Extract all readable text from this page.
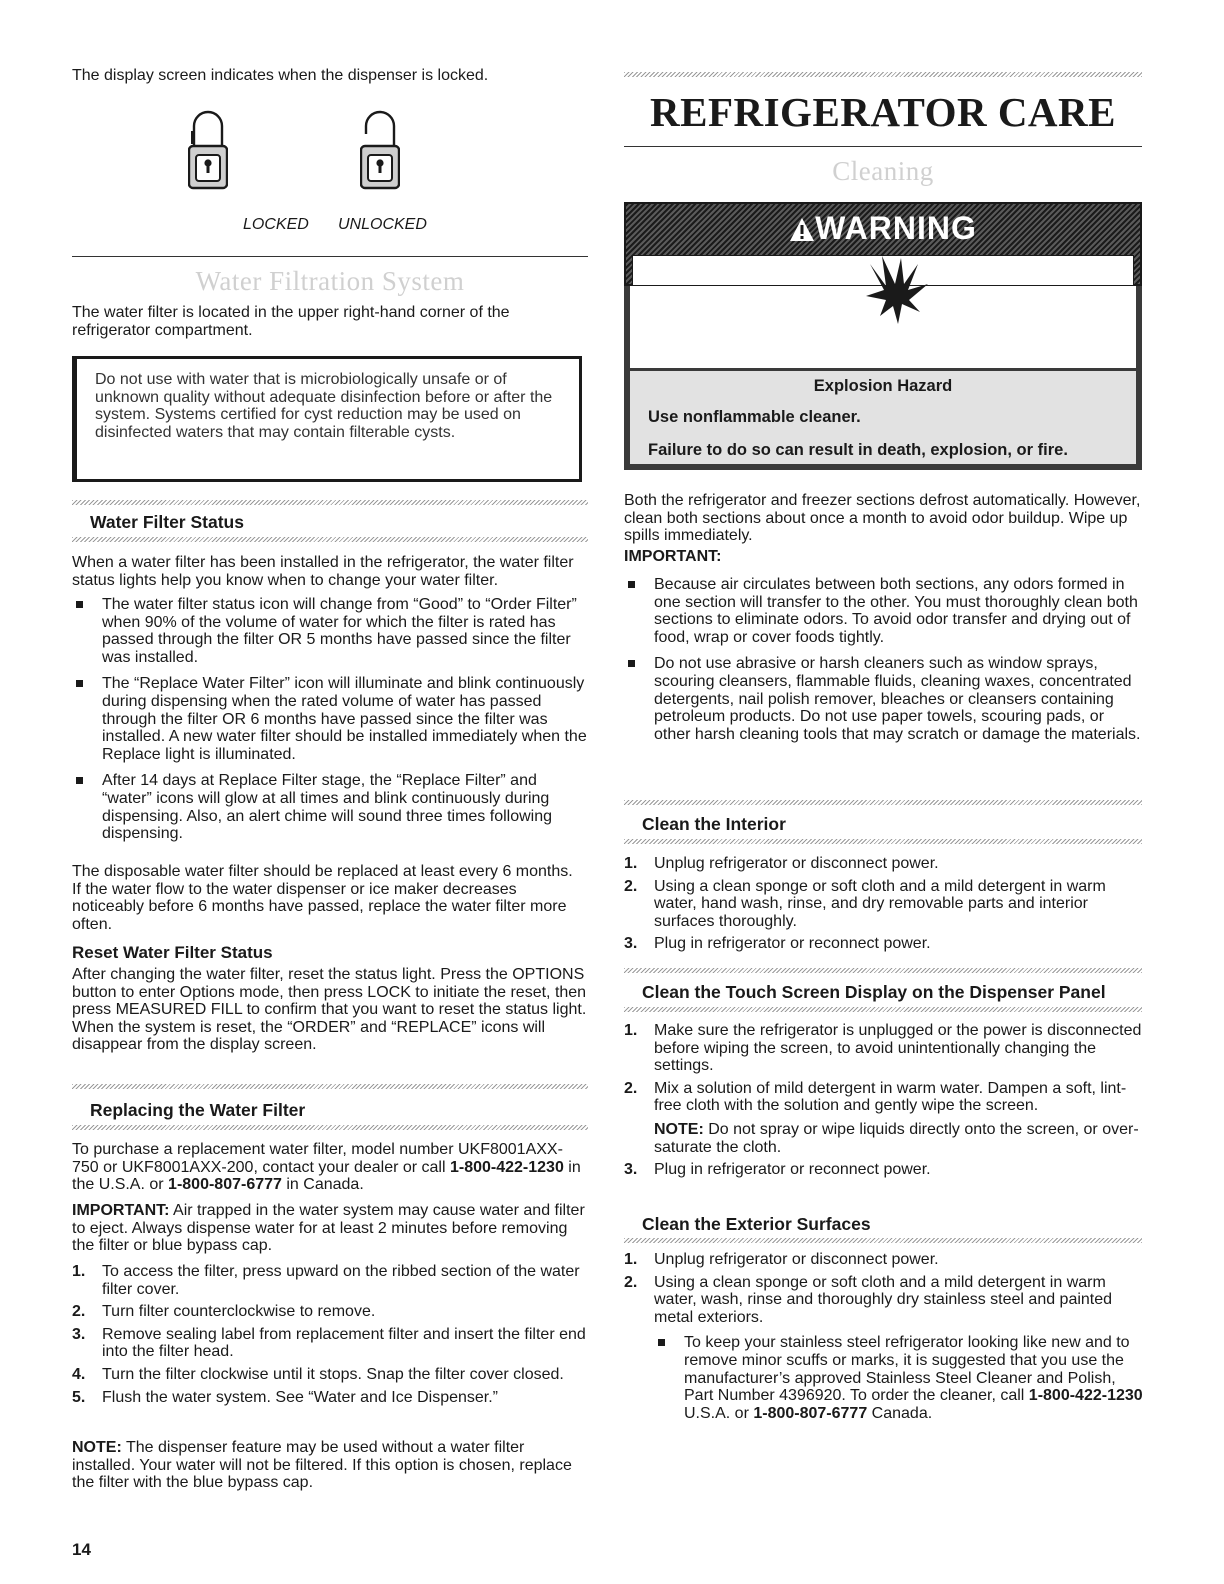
The display screen indicates when the dispenser is locked.

LOCKED UNLOCKED
Water Filtration System

The water filter is located in the upper right-hand corner of the refrigerator compartment.

Do not use with water that is microbiologically unsafe or of unknown quality without adequate disinfection before or after the system. Systems certified for cyst reduction may be used on disinfected waters that may contain filterable cysts.

Water Filter Status

When a water filter has been installed in the refrigerator, the water filter status lights help you know when to change your water filter.

The water filter status icon will change from “Good” to “Order Filter” when 90% of the volume of water for which the filter is rated has passed through the filter OR 5 months have passed since the filter was installed.
The “Replace Water Filter” icon will illuminate and blink continuously during dispensing when the rated volume of water has passed through the filter OR 6 months have passed since the filter was installed. A new water filter should be installed immediately when the Replace light is illuminated.
After 14 days at Replace Filter stage, the “Replace Filter” and “water” icons will glow at all times and blink continuously during dispensing. Also, an alert chime will sound three times following dispensing.

The disposable water filter should be replaced at least every 6 months. If the water flow to the water dispenser or ice maker decreases noticeably before 6 months have passed, replace the water filter more often.

Reset Water Filter Status

After changing the water filter, reset the status light. Press the OPTIONS button to enter Options mode, then press LOCK to initiate the reset, then press MEASURED FILL to confirm that you want to reset the status light. When the system is reset, the “ORDER” and “REPLACE” icons will disappear from the display screen.

Replacing the Water Filter

To purchase a replacement water filter, model number UKF8001AXX-750 or UKF8001AXX-200, contact your dealer or call 1-800-422-1230 in the U.S.A. or 1-800-807-6777 in Canada.

IMPORTANT: Air trapped in the water system may cause water and filter to eject. Always dispense water for at least 2 minutes before removing the filter or blue bypass cap.

1. To access the filter, press upward on the ribbed section of the water filter cover.
2. Turn filter counterclockwise to remove.
3. Remove sealing label from replacement filter and insert the filter end into the filter head.
4. Turn the filter clockwise until it stops. Snap the filter cover closed.
5. Flush the water system. See “Water and Ice Dispenser.”

NOTE: The dispenser feature may be used without a water filter installed. Your water will not be filtered. If this option is chosen, replace the filter with the blue bypass cap.

14
REFRIGERATOR CARE
Cleaning
WARNING
Explosion Hazard
Use nonflammable cleaner.
Failure to do so can result in death, explosion, or fire.

Both the refrigerator and freezer sections defrost automatically. However, clean both sections about once a month to avoid odor buildup. Wipe up spills immediately.

IMPORTANT:
Because air circulates between both sections, any odors formed in one section will transfer to the other. You must thoroughly clean both sections to eliminate odors. To avoid odor transfer and drying out of food, wrap or cover foods tightly.
Do not use abrasive or harsh cleaners such as window sprays, scouring cleansers, flammable fluids, cleaning waxes, concentrated detergents, nail polish remover, bleaches or cleansers containing petroleum products. Do not use paper towels, scouring pads, or other harsh cleaning tools that may scratch or damage the materials.
Clean the Interior
1. Unplug refrigerator or disconnect power.
2. Using a clean sponge or soft cloth and a mild detergent in warm water, hand wash, rinse, and dry removable parts and interior surfaces thoroughly.
3. Plug in refrigerator or reconnect power.
Clean the Touch Screen Display on the Dispenser Panel
1. Make sure the refrigerator is unplugged or the power is disconnected before wiping the screen, to avoid unintentionally changing the settings.
2. Mix a solution of mild detergent in warm water. Dampen a soft, lint-free cloth with the solution and gently wipe the screen.
NOTE: Do not spray or wipe liquids directly onto the screen, or over-saturate the cloth.
3. Plug in refrigerator or reconnect power.
Clean the Exterior Surfaces
1. Unplug refrigerator or disconnect power.
2. Using a clean sponge or soft cloth and a mild detergent in warm water, wash, rinse and thoroughly dry stainless steel and painted metal exteriors.
To keep your stainless steel refrigerator looking like new and to remove minor scuffs or marks, it is suggested that you use the manufacturer’s approved Stainless Steel Cleaner and Polish, Part Number 4396920. To order the cleaner, call 1-800-422-1230 U.S.A. or 1-800-807-6777 Canada.
